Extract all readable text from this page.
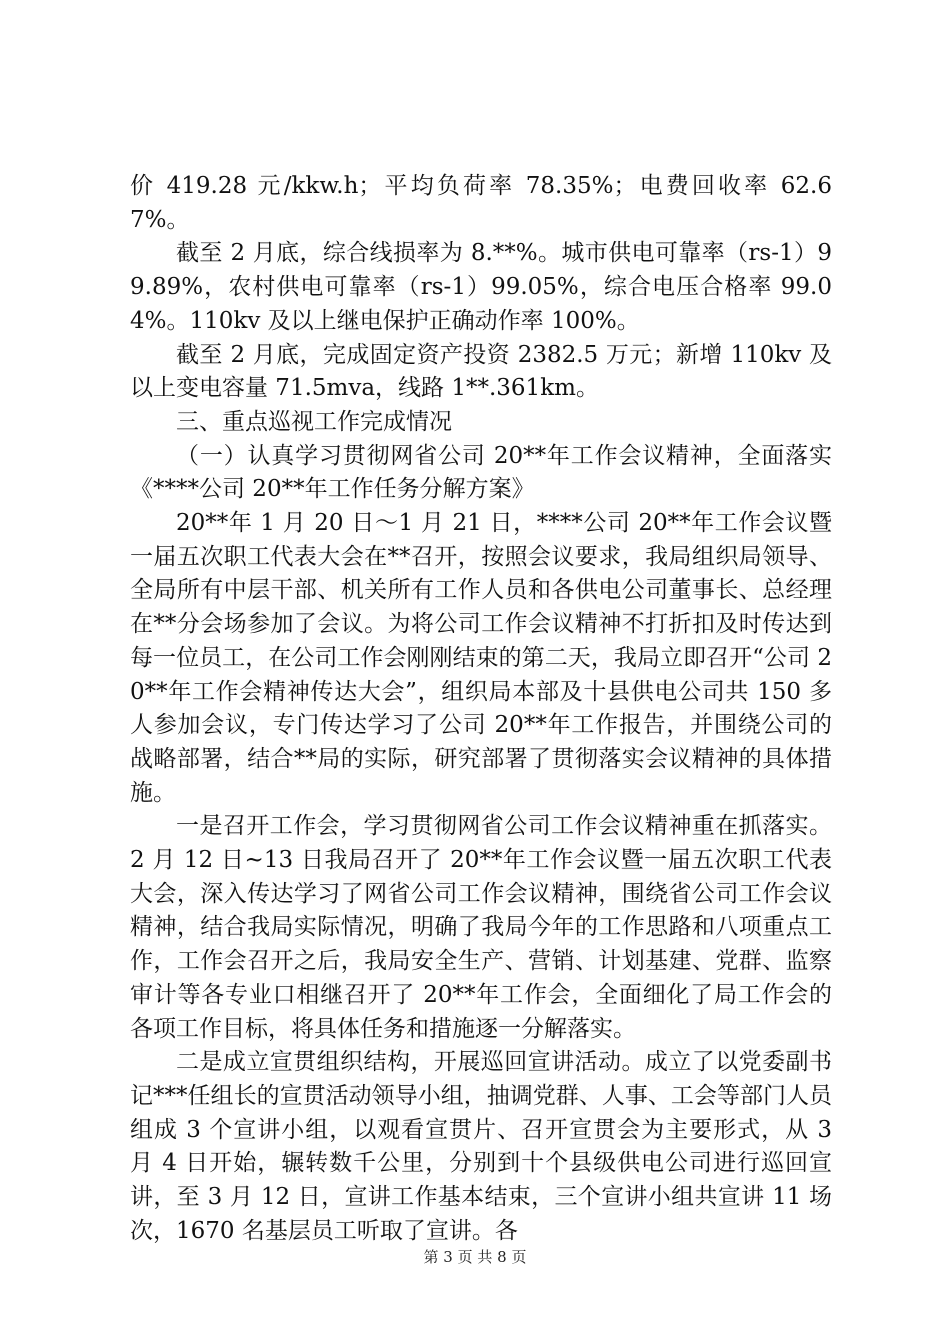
价 419.28 元/kkw.h；平均负荷率 78.35%；电费回收率 62.67%。

截至 2 月底，综合线损率为 8.**%。城市供电可靠率（rs-1）99.89%，农村供电可靠率（rs-1）99.05%，综合电压合格率 99.04%。110kv 及以上继电保护正确动作率 100%。

截至 2 月底，完成固定资产投资 2382.5 万元；新增 110kv 及以上变电容量 71.5mva，线路 1**.361km。

三、重点巡视工作完成情况

（一）认真学习贯彻网省公司 20**年工作会议精神，全面落实《****公司 20**年工作任务分解方案》

20**年 1 月 20 日～1 月 21 日，****公司 20**年工作会议暨一届五次职工代表大会在**召开，按照会议要求，我局组织局领导、全局所有中层干部、机关所有工作人员和各供电公司董事长、总经理在**分会场参加了会议。为将公司工作会议精神不打折扣及时传达到每一位员工，在公司工作会刚刚结束的第二天，我局立即召开“公司 20**年工作会精神传达大会”，组织局本部及十县供电公司共 150 多人参加会议，专门传达学习了公司 20**年工作报告，并围绕公司的战略部署，结合**局的实际，研究部署了贯彻落实会议精神的具体措施。

一是召开工作会，学习贯彻网省公司工作会议精神重在抓落实。2 月 12 日~13 日我局召开了 20**年工作会议暨一届五次职工代表大会，深入传达学习了网省公司工作会议精神，围绕省公司工作会议精神，结合我局实际情况，明确了我局今年的工作思路和八项重点工作，工作会召开之后，我局安全生产、营销、计划基建、党群、监察审计等各专业口相继召开了 20**年工作会，全面细化了局工作会的各项工作目标，将具体任务和措施逐一分解落实。

二是成立宣贯组织结构，开展巡回宣讲活动。成立了以党委副书记***任组长的宣贯活动领导小组，抽调党群、人事、工会等部门人员组成 3 个宣讲小组，以观看宣贯片、召开宣贯会为主要形式，从 3 月 4 日开始，辗转数千公里，分别到十个县级供电公司进行巡回宣讲，至 3 月 12 日，宣讲工作基本结束，三个宣讲小组共宣讲 11 场次，1670 名基层员工听取了宣讲。各

第 3 页 共 8 页
